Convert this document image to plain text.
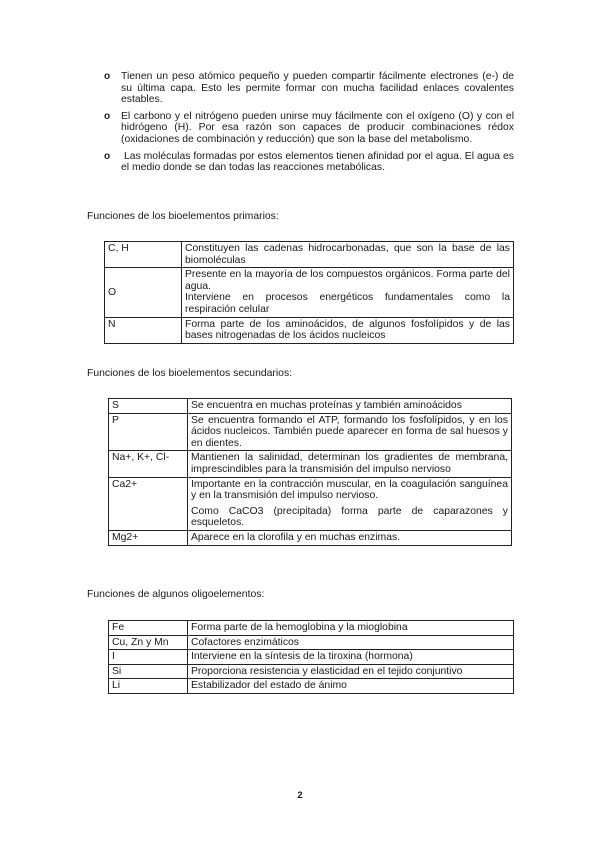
o Tienen un peso atómico pequeño y pueden compartir fácilmente electrones (e-) de su última capa. Esto les permite formar con mucha facilidad enlaces covalentes estables.
o El carbono y el nitrógeno pueden unirse muy fácilmente con el oxígeno (O) y con el hidrógeno (H). Por esa razón son capaces de producir combinaciones rédox (oxidaciones de combinación y reducción) que son la base del metabolismo.
o Las moléculas formadas por estos elementos tienen afinidad por el agua. El agua es el medio donde se dan todas las reacciones metabólicas.
Funciones de los bioelementos primarios:
C, H	Constituyen las cadenas hidrocarbonadas, que son la base de las biomoléculas

O	Presente en la mayoría de los compuestos orgánicos. Forma parte del agua.
Interviene en procesos energéticos fundamentales como la respiración celular

N	Forma parte de los aminoácidos, de algunos fosfolípidos y de las bases nitrogenadas de los ácidos nucleicos
Funciones de los bioelementos secundarios:
S	Se encuentra en muchas proteínas y también aminoácidos

P	Se encuentra formando el ATP, formando los fosfolípidos, y en los ácidos nucleicos. También puede aparecer en forma de sal huesos y en dientes.

Na+, K+, Cl-	Mantienen la salinidad, determinan los gradientes de membrana, imprescindibles para la transmisión del impulso nervioso

Ca2+	Importante en la contracción muscular, en la coagulación sanguínea y en la transmisión del impulso nervioso.
Como CaCO3 (precipitada) forma parte de caparazones y esqueletos.

Mg2+	Aparece en la clorofila y en muchas enzimas.
Funciones de algunos oligoelementos:
Fe	Forma parte de la hemoglobina y la mioglobina

Cu, Zn y Mn	Cofactores enzimáticos

I	Interviene en la síntesis de la tiroxina (hormona)

Si	Proporciona resistencia y elasticidad en el tejido conjuntivo

Li	Estabilizador del estado de ánimo
2
